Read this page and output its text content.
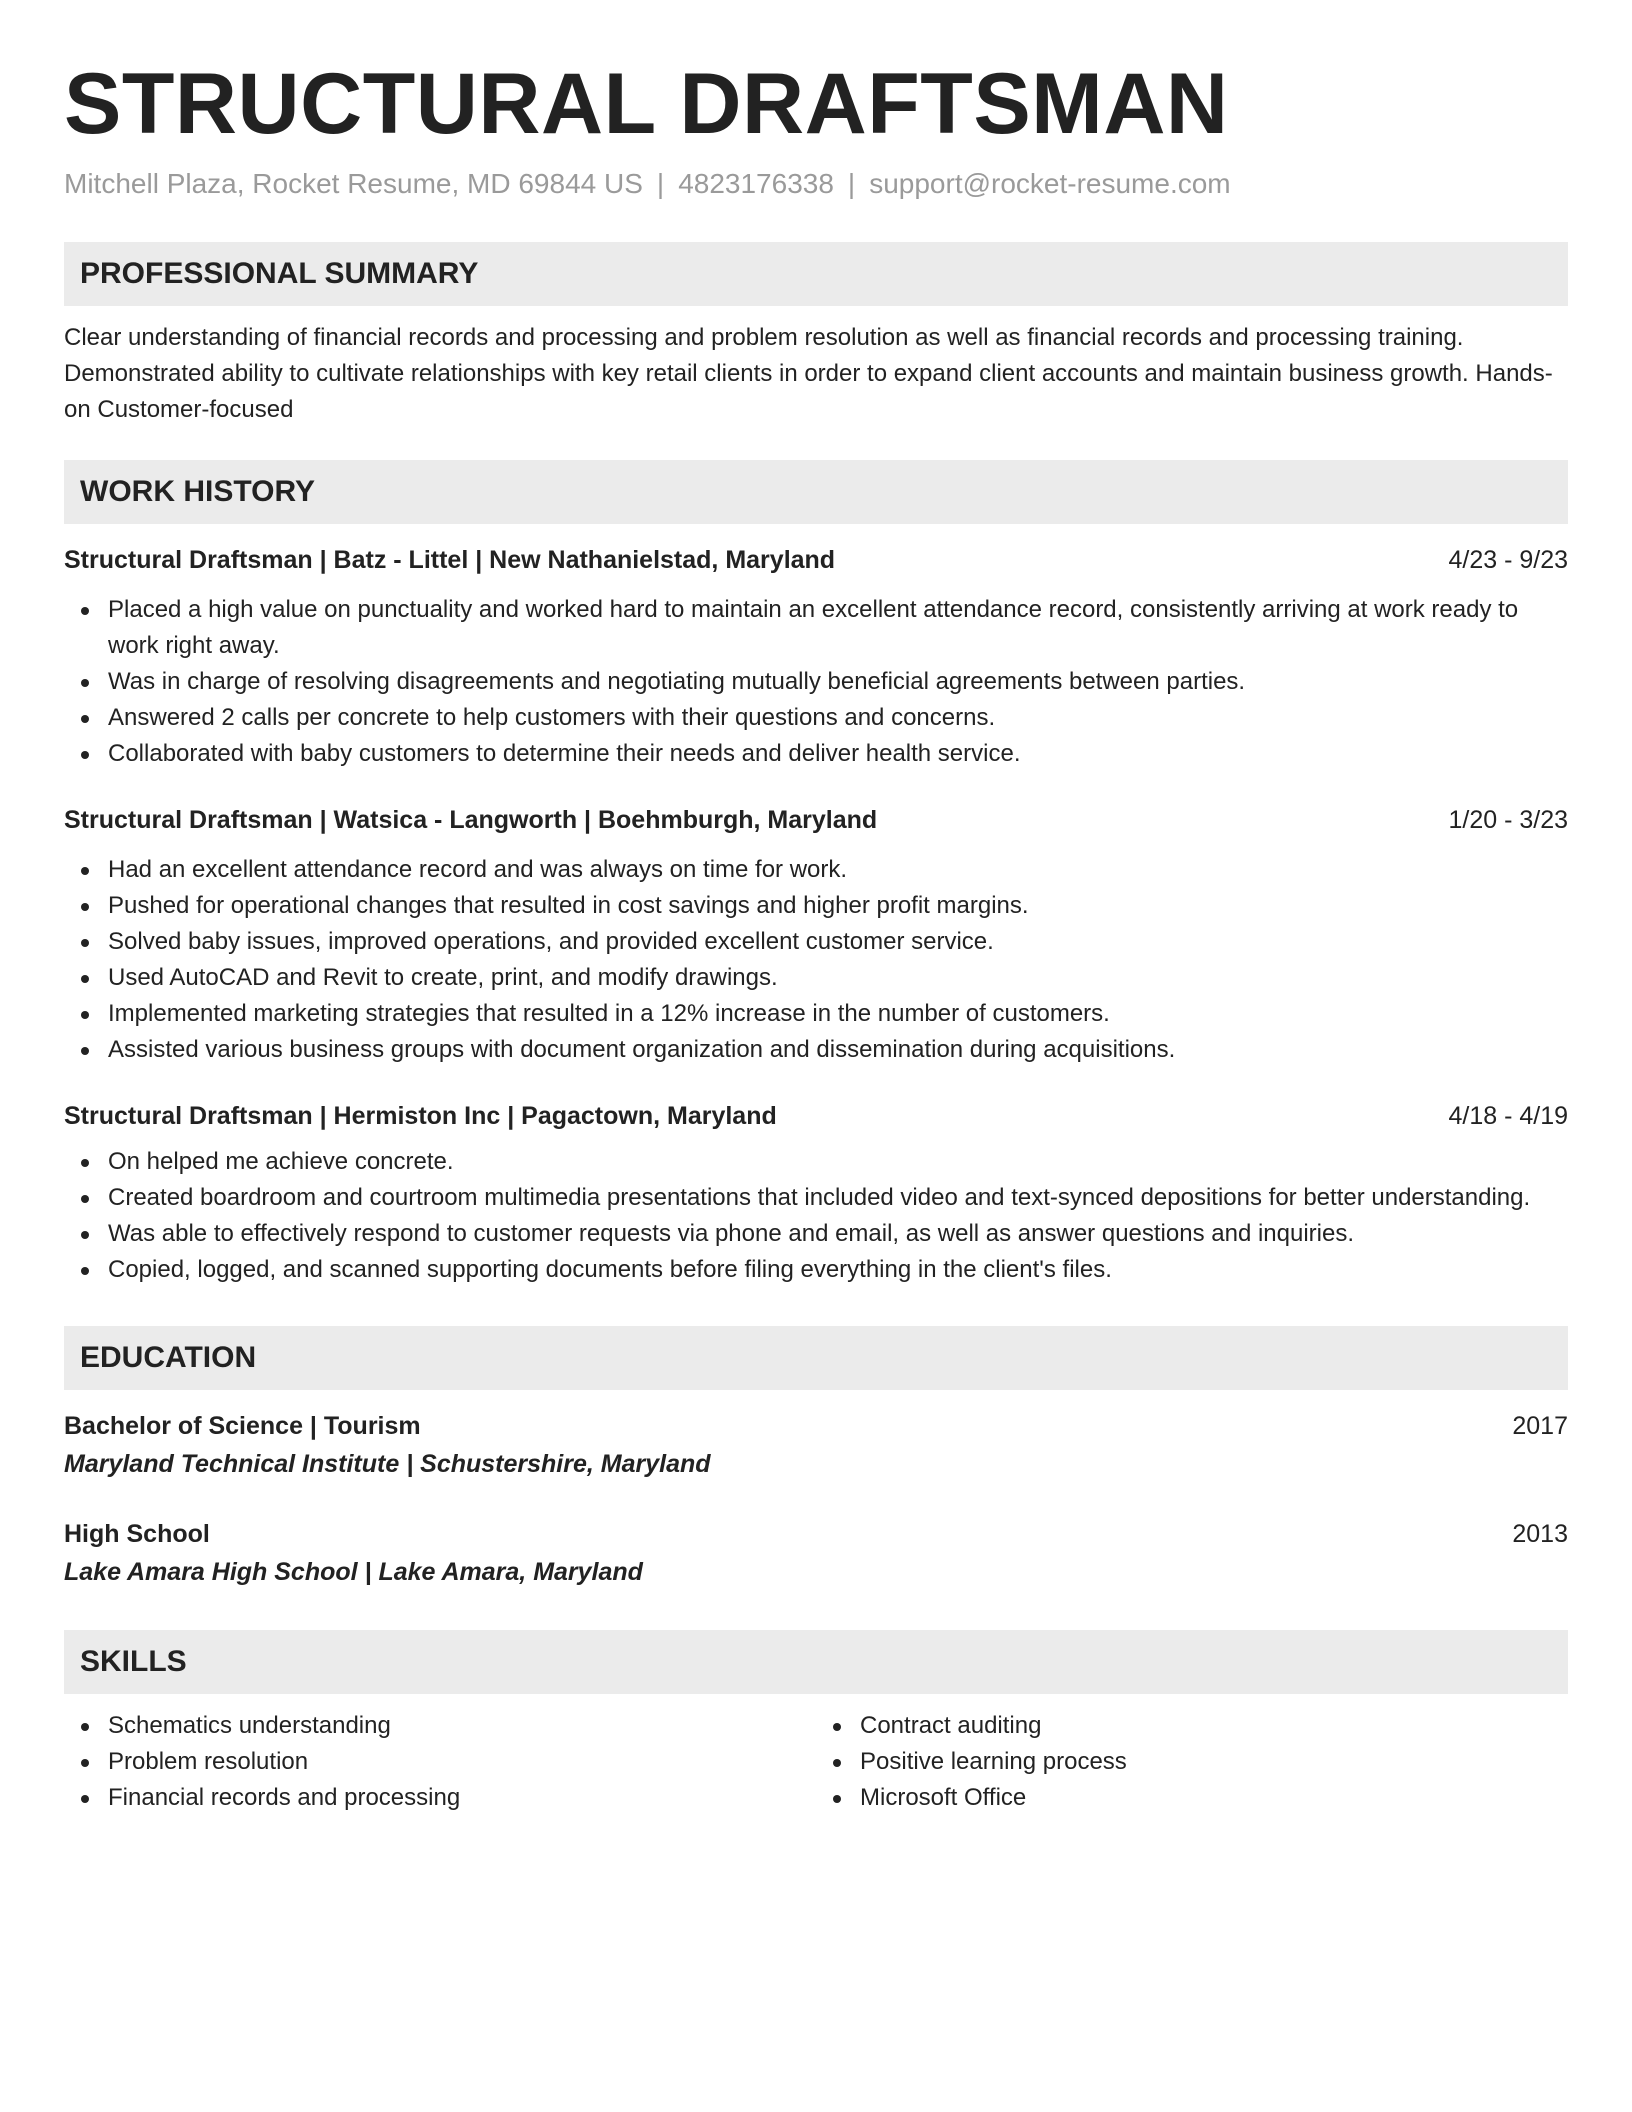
STRUCTURAL DRAFTSMAN
Mitchell Plaza, Rocket Resume, MD 69844 US | 4823176338 | support@rocket-resume.com
PROFESSIONAL SUMMARY

Clear understanding of financial records and processing and problem resolution as well as financial records and processing training. Demonstrated ability to cultivate relationships with key retail clients in order to expand client accounts and maintain business growth. Hands-on Customer-focused

WORK HISTORY
Structural Draftsman | Batz - Littel | New Nathanielstad, Maryland	4/23 - 9/23
Placed a high value on punctuality and worked hard to maintain an excellent attendance record, consistently arriving at work ready to work right away.
Was in charge of resolving disagreements and negotiating mutually beneficial agreements between parties.
Answered 2 calls per concrete to help customers with their questions and concerns.
Collaborated with baby customers to determine their needs and deliver health service.
Structural Draftsman | Watsica - Langworth | Boehmburgh, Maryland	1/20 - 3/23
Had an excellent attendance record and was always on time for work.
Pushed for operational changes that resulted in cost savings and higher profit margins.
Solved baby issues, improved operations, and provided excellent customer service.
Used AutoCAD and Revit to create, print, and modify drawings.
Implemented marketing strategies that resulted in a 12% increase in the number of customers.
Assisted various business groups with document organization and dissemination during acquisitions.
Structural Draftsman | Hermiston Inc | Pagactown, Maryland	4/18 - 4/19
On helped me achieve concrete.
Created boardroom and courtroom multimedia presentations that included video and text-synced depositions for better understanding.
Was able to effectively respond to customer requests via phone and email, as well as answer questions and inquiries.
Copied, logged, and scanned supporting documents before filing everything in the client's files.
EDUCATION
Bachelor of Science | Tourism	2017
Maryland Technical Institute | Schustershire, Maryland
High School	2013
Lake Amara High School | Lake Amara, Maryland
SKILLS
Schematics understanding
Problem resolution
Financial records and processing
Contract auditing
Positive learning process
Microsoft Office
